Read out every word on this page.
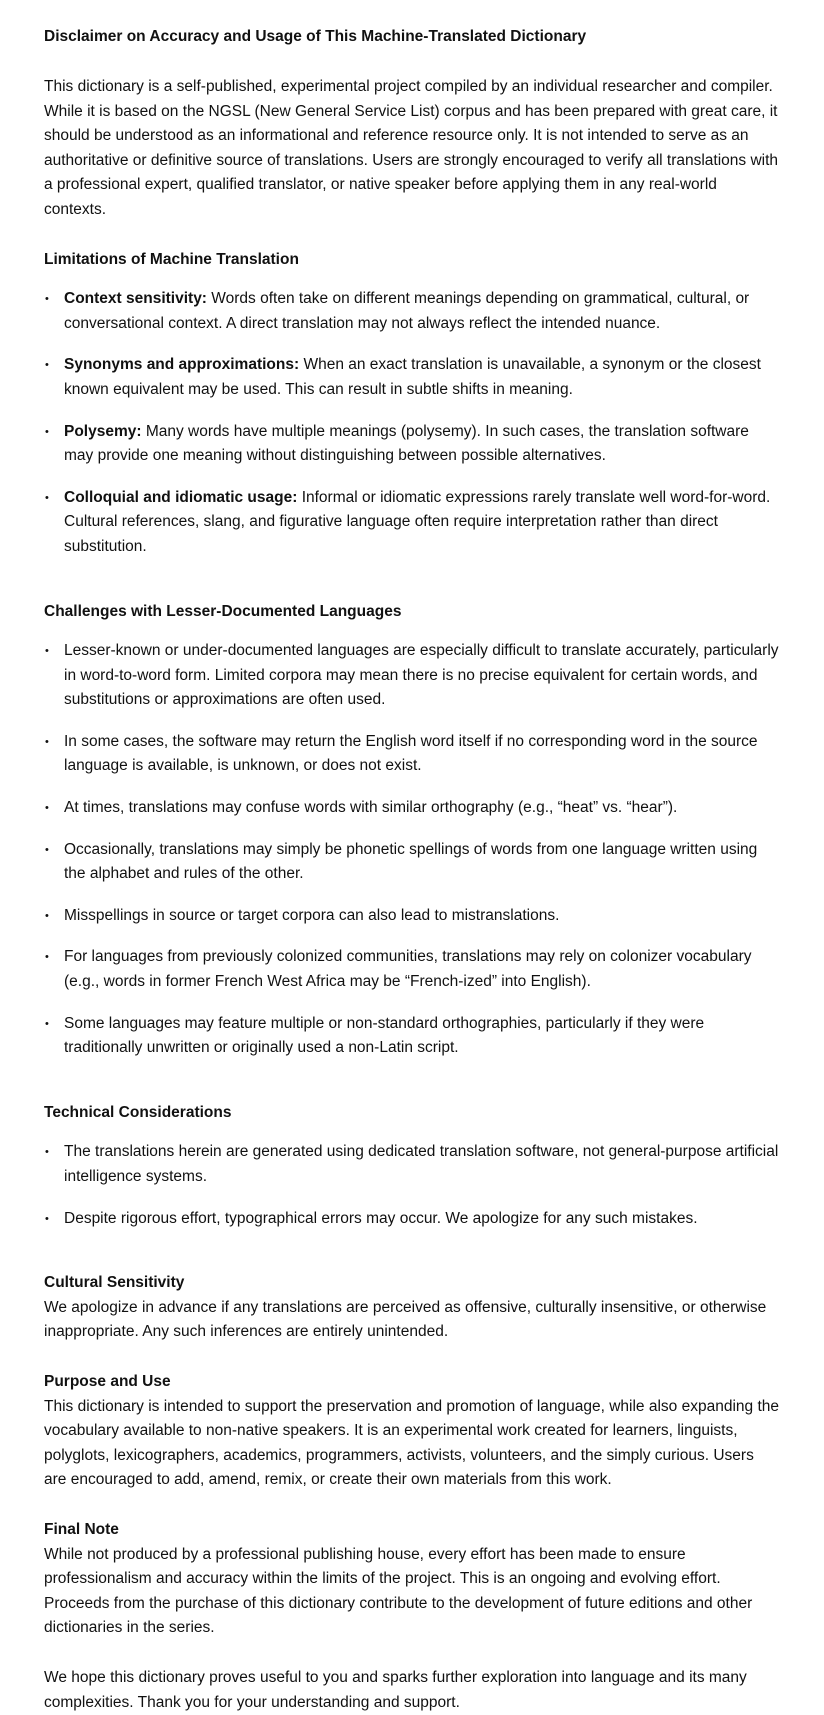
Disclaimer on Accuracy and Usage of This Machine-Translated Dictionary

This dictionary is a self-published, experimental project compiled by an individual researcher and compiler. While it is based on the NGSL (New General Service List) corpus and has been prepared with great care, it should be understood as an informational and reference resource only. It is not intended to serve as an authoritative or definitive source of translations. Users are strongly encouraged to verify all translations with a professional expert, qualified translator, or native speaker before applying them in any real-world contexts.

Limitations of Machine Translation
• Context sensitivity: Words often take on different meanings depending on grammatical, cultural, or conversational context. A direct translation may not always reflect the intended nuance.
• Synonyms and approximations: When an exact translation is unavailable, a synonym or the closest known equivalent may be used. This can result in subtle shifts in meaning.
• Polysemy: Many words have multiple meanings (polysemy). In such cases, the translation software may provide one meaning without distinguishing between possible alternatives.
• Colloquial and idiomatic usage: Informal or idiomatic expressions rarely translate well word-for-word. Cultural references, slang, and figurative language often require interpretation rather than direct substitution.
Challenges with Lesser-Documented Languages
• Lesser-known or under-documented languages are especially difficult to translate accurately, particularly in word-to-word form. Limited corpora may mean there is no precise equivalent for certain words, and substitutions or approximations are often used.
• In some cases, the software may return the English word itself if no corresponding word in the source language is available, is unknown, or does not exist.
• At times, translations may confuse words with similar orthography (e.g., “heat” vs. “hear”).
• Occasionally, translations may simply be phonetic spellings of words from one language written using the alphabet and rules of the other.
• Misspellings in source or target corpora can also lead to mistranslations.
• For languages from previously colonized communities, translations may rely on colonizer vocabulary (e.g., words in former French West Africa may be “French-ized” into English).
• Some languages may feature multiple or non-standard orthographies, particularly if they were traditionally unwritten or originally used a non-Latin script.
Technical Considerations
• The translations herein are generated using dedicated translation software, not general-purpose artificial intelligence systems.
• Despite rigorous effort, typographical errors may occur. We apologize for any such mistakes.
Cultural Sensitivity

We apologize in advance if any translations are perceived as offensive, culturally insensitive, or otherwise inappropriate. Any such inferences are entirely unintended.

Purpose and Use

This dictionary is intended to support the preservation and promotion of language, while also expanding the vocabulary available to non-native speakers. It is an experimental work created for learners, linguists, polyglots, lexicographers, academics, programmers, activists, volunteers, and the simply curious. Users are encouraged to add, amend, remix, or create their own materials from this work.

Final Note

While not produced by a professional publishing house, every effort has been made to ensure professionalism and accuracy within the limits of the project. This is an ongoing and evolving effort. Proceeds from the purchase of this dictionary contribute to the development of future editions and other dictionaries in the series.

We hope this dictionary proves useful to you and sparks further exploration into language and its many complexities. Thank you for your understanding and support.
